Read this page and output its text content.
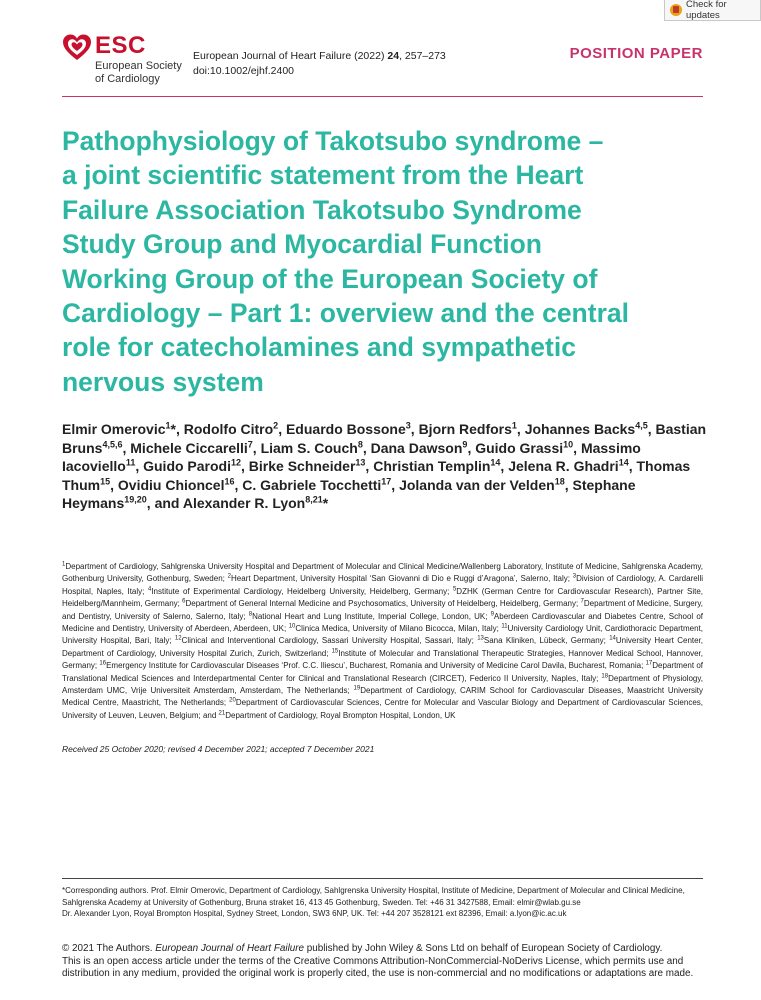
Check for updates
ESC
European Society
of Cardiology
European Journal of Heart Failure (2022) 24, 257–273
doi:10.1002/ejhf.2400
POSITION PAPER
Pathophysiology of Takotsubo syndrome –
a joint scientific statement from the Heart
Failure Association Takotsubo Syndrome
Study Group and Myocardial Function
Working Group of the European Society of
Cardiology – Part 1: overview and the central
role for catecholamines and sympathetic
nervous system
Elmir Omerovic$^1$*, Rodolfo Citro$^2$, Eduardo Bossone$^3$, Bjorn Redfors$^1$, Johannes Backs$^{4,5}$, Bastian Bruns$^{4,5,6}$, Michele Ciccarelli$^7$, Liam S. Couch$^8$, Dana Dawson$^9$, Guido Grassi$^{10}$, Massimo Iacoviello$^{11}$, Guido Parodi$^{12}$, Birke Schneider$^{13}$, Christian Templin$^{14}$, Jelena R. Ghadri$^{14}$, Thomas Thum$^{15}$, Ovidiu Chioncel$^{16}$, C. Gabriele Tocchetti$^{17}$, Jolanda van der Velden$^{18}$, Stephane Heymans$^{19,20}$, and Alexander R. Lyon$^{8,21}$*
$^1$Department of Cardiology, Sahlgrenska University Hospital and Department of Molecular and Clinical Medicine/Wallenberg Laboratory, Institute of Medicine, Sahlgrenska Academy, Gothenburg University, Gothenburg, Sweden; $^2$Heart Department, University Hospital ‘San Giovanni di Dio e Ruggi d’Aragona’, Salerno, Italy; $^3$Division of Cardiology, A. Cardarelli Hospital, Naples, Italy; $^4$Institute of Experimental Cardiology, Heidelberg University, Heidelberg, Germany; $^5$DZHK (German Centre for Cardiovascular Research), Partner Site, Heidelberg/Mannheim, Germany; $^6$Department of General Internal Medicine and Psychosomatics, University of Heidelberg, Heidelberg, Germany; $^7$Department of Medicine, Surgery, and Dentistry, University of Salerno, Salerno, Italy; $^8$National Heart and Lung Institute, Imperial College, London, UK; $^9$Aberdeen Cardiovascular and Diabetes Centre, School of Medicine and Dentistry, University of Aberdeen, Aberdeen, UK; $^{10}$Clinica Medica, University of Milano Bicocca, Milan, Italy; $^{11}$University Cardiology Unit, Cardiothoracic Department, University Hospital, Bari, Italy; $^{12}$Clinical and Interventional Cardiology, Sassari University Hospital, Sassari, Italy; $^{13}$Sana Kliniken, Lübeck, Germany; $^{14}$University Heart Center, Department of Cardiology, University Hospital Zurich, Zurich, Switzerland; $^{15}$Institute of Molecular and Translational Therapeutic Strategies, Hannover Medical School, Hannover, Germany; $^{16}$Emergency Institute for Cardiovascular Diseases ‘Prof. C.C. Iliescu’, Bucharest, Romania and University of Medicine Carol Davila, Bucharest, Romania; $^{17}$Department of Translational Medical Sciences and Interdepartmental Center for Clinical and Translational Research (CIRCET), Federico II University, Naples, Italy; $^{18}$Department of Physiology, Amsterdam UMC, Vrije Universiteit Amsterdam, Amsterdam, The Netherlands; $^{19}$Department of Cardiology, CARIM School for Cardiovascular Diseases, Maastricht University Medical Centre, Maastricht, The Netherlands; $^{20}$Department of Cardiovascular Sciences, Centre for Molecular and Vascular Biology and Department of Cardiovascular Sciences, University of Leuven, Leuven, Belgium; and $^{21}$Department of Cardiology, Royal Brompton Hospital, London, UK
Received 25 October 2020; revised 4 December 2021; accepted 7 December 2021
*Corresponding authors. Prof. Elmir Omerovic, Department of Cardiology, Sahlgrenska University Hospital, Institute of Medicine, Department of Molecular and Clinical Medicine,
Sahlgrenska Academy at University of Gothenburg, Bruna straket 16, 413 45 Gothenburg, Sweden. Tel: +46 31 3427588, Email: elmir@wlab.gu.se
Dr. Alexander Lyon, Royal Brompton Hospital, Sydney Street, London, SW3 6NP, UK. Tel: +44 207 3528121 ext 82396, Email: a.lyon@ic.ac.uk
© 2021 The Authors. European Journal of Heart Failure published by John Wiley & Sons Ltd on behalf of European Society of Cardiology.
This is an open access article under the terms of the Creative Commons Attribution-NonCommercial-NoDerivs License, which permits use and distribution in any medium, provided the original work is properly cited, the use is non-commercial and no modifications or adaptations are made.
